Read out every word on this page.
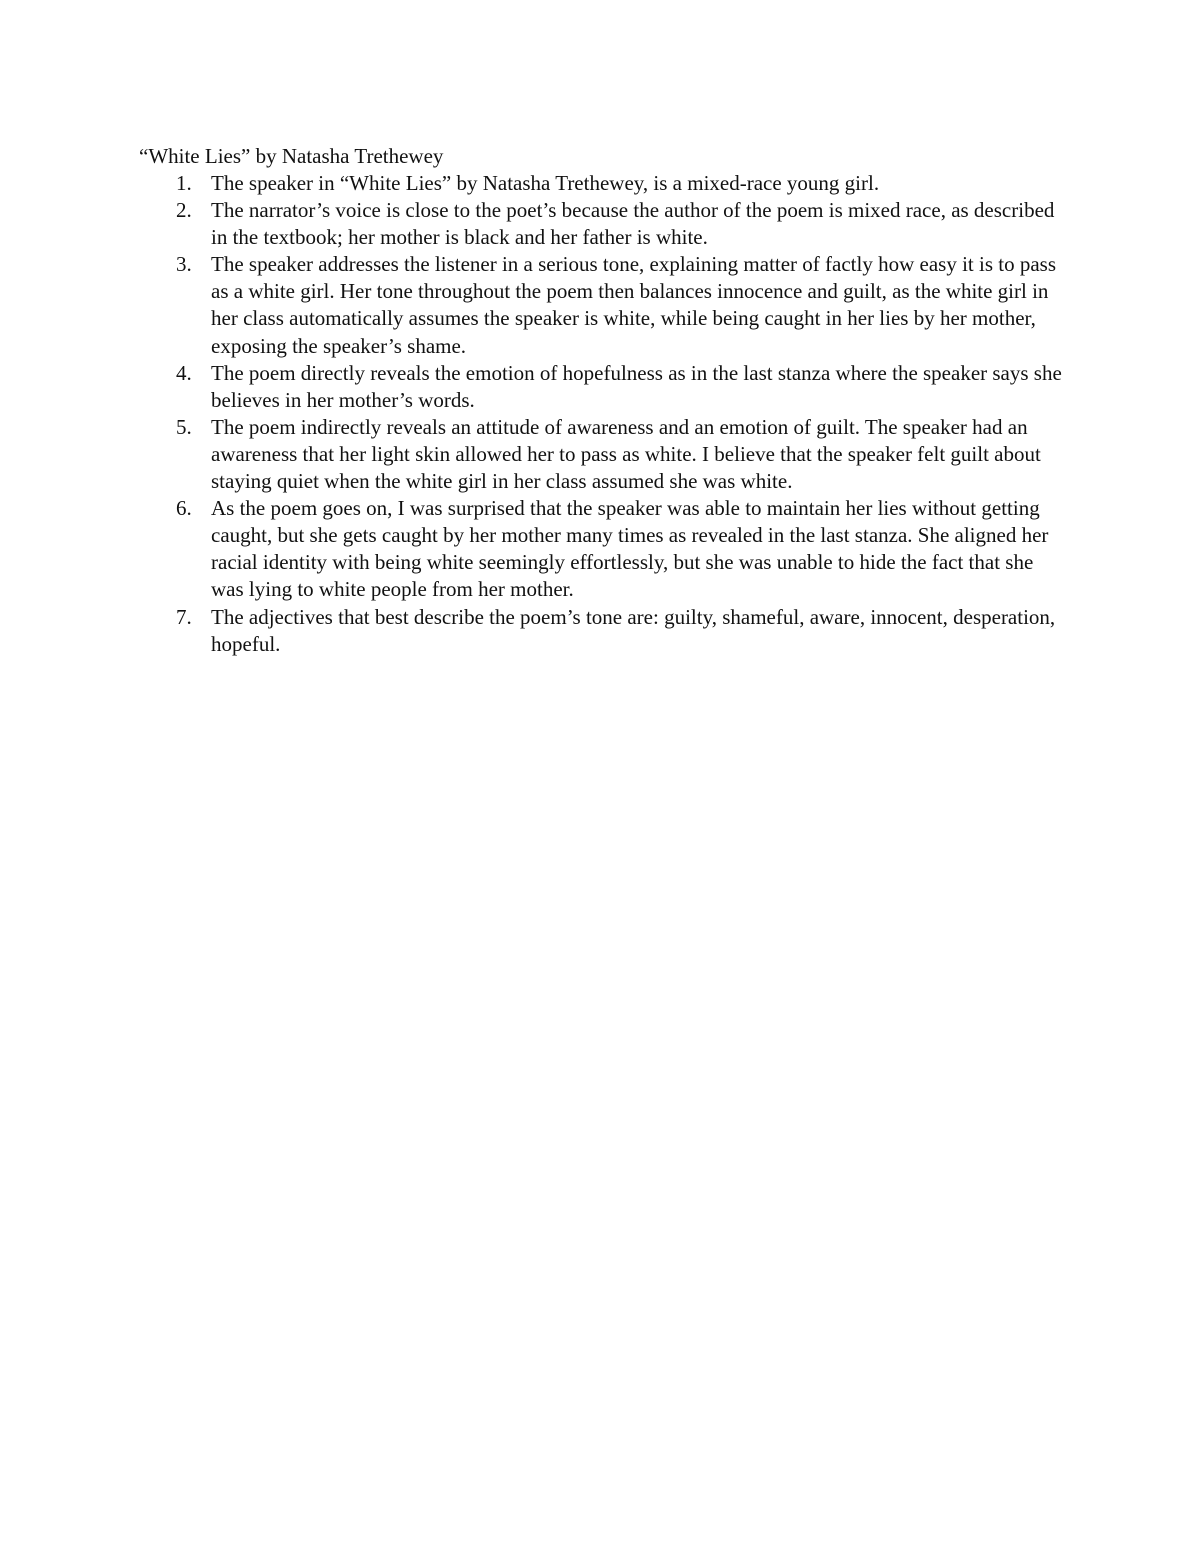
“White Lies” by Natasha Trethewey
1. The speaker in “White Lies” by Natasha Trethewey, is a mixed-race young girl.
2. The narrator’s voice is close to the poet’s because the author of the poem is mixed race, as described in the textbook; her mother is black and her father is white.
3. The speaker addresses the listener in a serious tone, explaining matter of factly how easy it is to pass as a white girl. Her tone throughout the poem then balances innocence and guilt, as the white girl in her class automatically assumes the speaker is white, while being caught in her lies by her mother, exposing the speaker’s shame.
4. The poem directly reveals the emotion of hopefulness as in the last stanza where the speaker says she believes in her mother’s words.
5. The poem indirectly reveals an attitude of awareness and an emotion of guilt. The speaker had an awareness that her light skin allowed her to pass as white. I believe that the speaker felt guilt about staying quiet when the white girl in her class assumed she was white.
6. As the poem goes on, I was surprised that the speaker was able to maintain her lies without getting caught, but she gets caught by her mother many times as revealed in the last stanza. She aligned her racial identity with being white seemingly effortlessly, but she was unable to hide the fact that she was lying to white people from her mother.
7. The adjectives that best describe the poem’s tone are: guilty, shameful, aware, innocent, desperation, hopeful.
